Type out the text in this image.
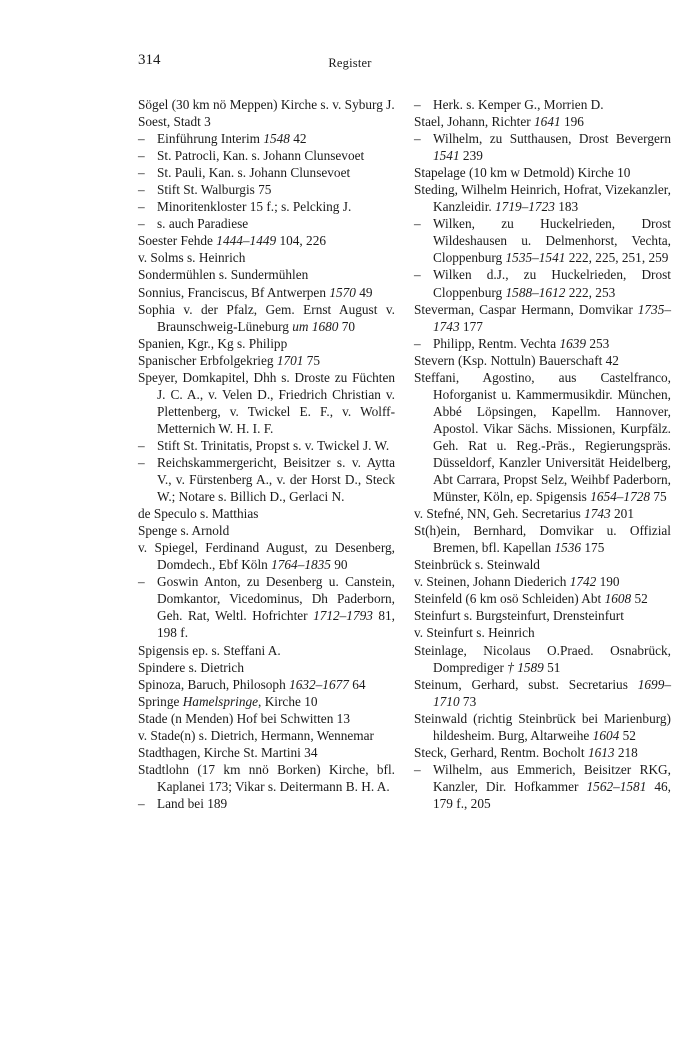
314	Register

Sögel (30 km nö Meppen) Kirche s. v. Syburg J.

Soest, Stadt 3

– Einführung Interim 1548 42

– St. Patrocli, Kan. s. Johann Clunsevoet

– St. Pauli, Kan. s. Johann Clunsevoet

– Stift St. Walburgis 75

– Minoritenkloster 15 f.; s. Pelcking J.

– s. auch Paradiese

Soester Fehde 1444–1449 104, 226

v. Solms s. Heinrich

Sondermühlen s. Sundermühlen

Sonnius, Franciscus, Bf Antwerpen 1570 49

Sophia v. der Pfalz, Gem. Ernst August v. Braunschweig-Lüneburg um 1680 70

Spanien, Kgr., Kg s. Philipp

Spanischer Erbfolgekrieg 1701 75

Speyer, Domkapitel, Dhh s. Droste zu Füchten J. C. A., v. Velen D., Friedrich Christian v. Plettenberg, v. Twickel E. F., v. Wolff-Metternich W. H. I. F.

– Stift St. Trinitatis, Propst s. v. Twickel J. W.

– Reichskammergericht, Beisitzer s. v. Aytta V., v. Fürstenberg A., v. der Horst D., Steck W.; Notare s. Billich D., Gerlaci N.

de Speculo s. Matthias

Spenge s. Arnold

v. Spiegel, Ferdinand August, zu Desenberg, Domdech., Ebf Köln 1764–1835 90

– Goswin Anton, zu Desenberg u. Canstein, Domkantor, Vicedominus, Dh Paderborn, Geh. Rat, Weltl. Hofrichter 1712–1793 81, 198 f.

Spigensis ep. s. Steffani A.

Spindere s. Dietrich

Spinoza, Baruch, Philosoph 1632–1677 64

Springe Hamelspringe, Kirche 10

Stade (n Menden) Hof bei Schwitten 13

v. Stade(n) s. Dietrich, Hermann, Wennemar

Stadthagen, Kirche St. Martini 34

Stadtlohn (17 km nnö Borken) Kirche, bfl. Kaplanei 173; Vikar s. Deitermann B. H. A.

– Land bei 189

– Herk. s. Kemper G., Morrien D.

Stael, Johann, Richter 1641 196

– Wilhelm, zu Sutthausen, Drost Bevergern 1541 239

Stapelage (10 km w Detmold) Kirche 10

Steding, Wilhelm Heinrich, Hofrat, Vizekanzler, Kanzleidir. 1719–1723 183

– Wilken, zu Huckelrieden, Drost Wildeshausen u. Delmenhorst, Vechta, Cloppenburg 1535–1541 222, 225, 251, 259

– Wilken d.J., zu Huckelrieden, Drost Cloppenburg 1588–1612 222, 253

Steverman, Caspar Hermann, Domvikar 1735–1743 177

– Philipp, Rentm. Vechta 1639 253

Stevern (Ksp. Nottuln) Bauerschaft 42

Steffani, Agostino, aus Castelfranco, Hoforganist u. Kammermusikdir. München, Abbé Löpsingen, Kapellm. Hannover, Apostol. Vikar Sächs. Missionen, Kurpfälz. Geh. Rat u. Reg.-Präs., Regierungspräs. Düsseldorf, Kanzler Universität Heidelberg, Abt Carrara, Propst Selz, Weihbf Paderborn, Münster, Köln, ep. Spigensis 1654–1728 75

v. Stefné, NN, Geh. Secretarius 1743 201

St(h)ein, Bernhard, Domvikar u. Offizial Bremen, bfl. Kapellan 1536 175

Steinbrück s. Steinwald

v. Steinen, Johann Diederich 1742 190

Steinfeld (6 km osö Schleiden) Abt 1608 52

Steinfurt s. Burgsteinfurt, Drensteinfurt

v. Steinfurt s. Heinrich

Steinlage, Nicolaus O.Praed. Osnabrück, Domprediger † 1589 51

Steinum, Gerhard, subst. Secretarius 1699–1710 73

Steinwald (richtig Steinbrück bei Marienburg) hildesheim. Burg, Altarweihe 1604 52

Steck, Gerhard, Rentm. Bocholt 1613 218

– Wilhelm, aus Emmerich, Beisitzer RKG, Kanzler, Dir. Hofkammer 1562–1581 46, 179 f., 205
